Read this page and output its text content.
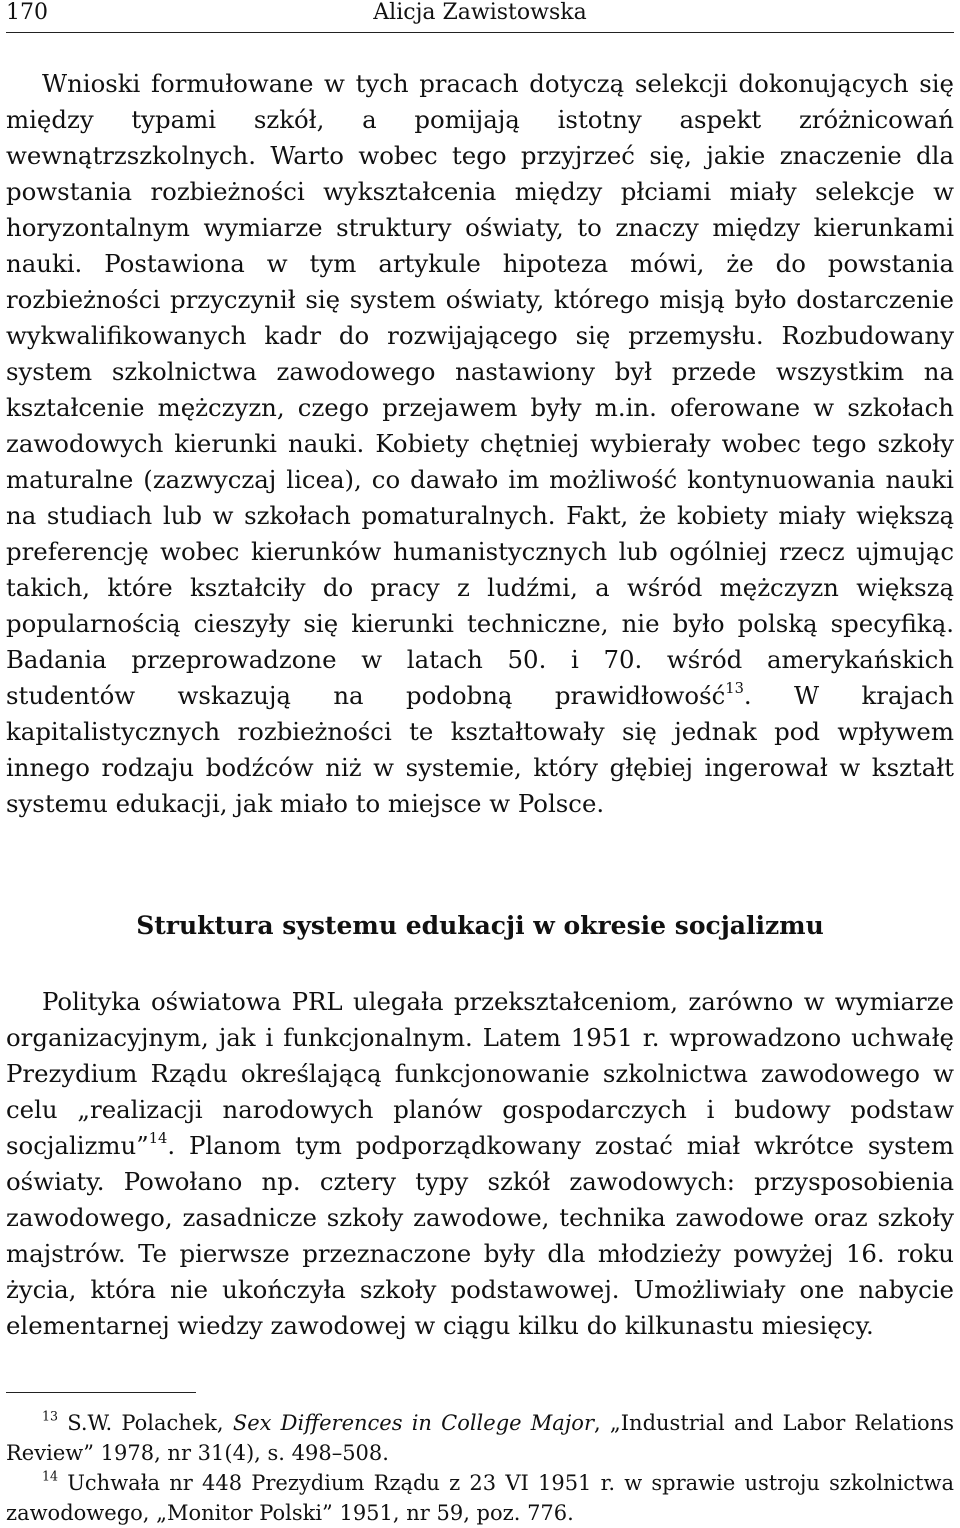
170	Alicja Zawistowska

Wnioski formułowane w tych pracach dotyczą selekcji dokonujących się między typami szkół, a pomijają istotny aspekt zróżnicowań wewnątrzszkolnych. Warto wobec tego przyjrzeć się, jakie znaczenie dla powstania rozbieżności wykształcenia między płciami miały selekcje w horyzontalnym wymiarze struktury oświaty, to znaczy między kierunkami nauki. Postawiona w tym artykule hipoteza mówi, że do powstania rozbieżności przyczynił się system oświaty, którego misją było dostarczenie wykwalifikowanych kadr do rozwijającego się przemysłu. Rozbudowany system szkolnictwa zawodowego nastawiony był przede wszystkim na kształcenie mężczyzn, czego przejawem były m.in. oferowane w szkołach zawodowych kierunki nauki. Kobiety chętniej wybierały wobec tego szkoły maturalne (zazwyczaj licea), co dawało im możliwość kontynuowania nauki na studiach lub w szkołach pomaturalnych. Fakt, że kobiety miały większą preferencję wobec kierunków humanistycznych lub ogólniej rzecz ujmując takich, które kształciły do pracy z ludźmi, a wśród mężczyzn większą popularnością cieszyły się kierunki techniczne, nie było polską specyfiką. Badania przeprowadzone w latach 50. i 70. wśród amerykańskich studentów wskazują na podobną prawidłowość$^{13}$. W krajach kapitalistycznych rozbieżności te kształtowały się jednak pod wpływem innego rodzaju bodźców niż w systemie, który głębiej ingerował w kształt systemu edukacji, jak miało to miejsce w Polsce.

Struktura systemu edukacji w okresie socjalizmu

Polityka oświatowa PRL ulegała przekształceniom, zarówno w wymiarze organizacyjnym, jak i funkcjonalnym. Latem 1951 r. wprowadzono uchwałę Prezydium Rządu określającą funkcjonowanie szkolnictwa zawodowego w celu „realizacji narodowych planów gospodarczych i budowy podstaw socjalizmu”$^{14}$. Planom tym podporządkowany zostać miał wkrótce system oświaty. Powołano np. cztery typy szkół zawodowych: przysposobienia zawodowego, zasadnicze szkoły zawodowe, technika zawodowe oraz szkoły majstrów. Te pierwsze przeznaczone były dla młodzieży powyżej 16. roku życia, która nie ukończyła szkoły podstawowej. Umożliwiały one nabycie elementarnej wiedzy zawodowej w ciągu kilku do kilkunastu miesięcy.

$^{13}$ S.W. Polachek, Sex Differences in College Major, „Industrial and Labor Relations Review” 1978, nr 31(4), s. 498–508.

$^{14}$ Uchwała nr 448 Prezydium Rządu z 23 VI 1951 r. w sprawie ustroju szkolnictwa zawodowego, „Monitor Polski” 1951, nr 59, poz. 776.
